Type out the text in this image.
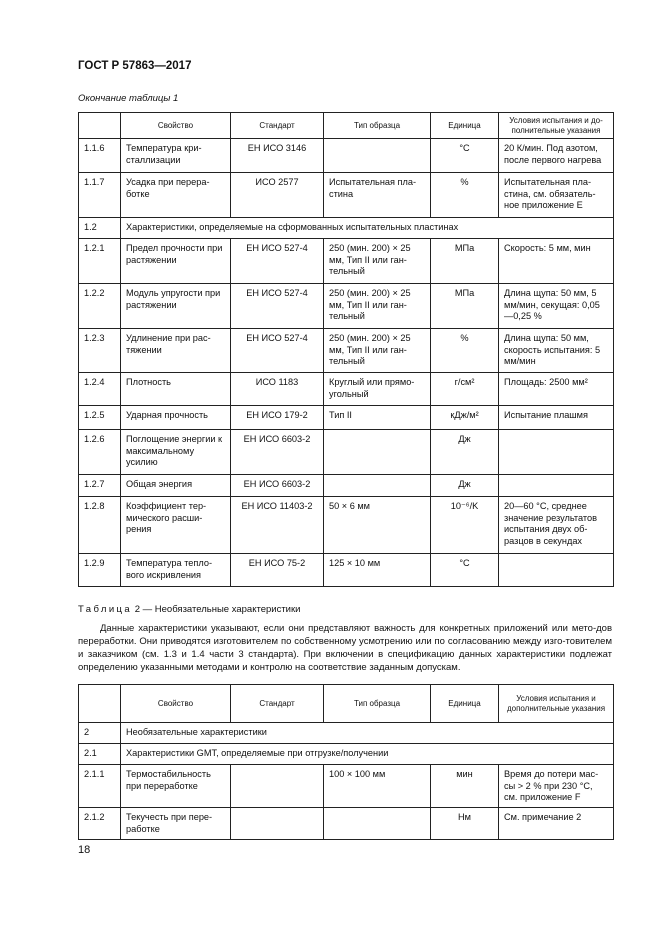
ГОСТ Р 57863—2017
Окончание таблицы 1
	Свойство	Стандарт	Тип образца	Единица	Условия испытания и до-полнительные указания
1.1.6	Температура кри-сталлизации	ЕН ИСО 3146		°C	20 К/мин. Под азотом, после первого нагрева
1.1.7	Усадка при перера-ботке	ИСО 2577	Испытательная пла-стина	%	Испытательная пла-стина, см. обязатель-ное приложение E
1.2	Характеристики, определяемые на сформованных испытательных пластинах				
1.2.1	Предел прочности при растяжении	ЕН ИСО 527-4	250 (мин. 200) × 25 мм, Тип II или ган-тельный	МПа	Скорость: 5 мм, мин
1.2.2	Модуль упругости при растяжении	ЕН ИСО 527-4	250 (мин. 200) × 25 мм, Тип II или ган-тельный	МПа	Длина щупа: 50 мм, 5 мм/мин, секущая: 0,05—0,25 %
1.2.3	Удлинение при рас-тяжении	ЕН ИСО 527-4	250 (мин. 200) × 25 мм, Тип II или ган-тельный	%	Длина щупа: 50 мм, скорость испытания: 5 мм/мин
1.2.4	Плотность	ИСО 1183	Круглый или прямо-угольный	г/см²	Площадь: 2500 мм²
1.2.5	Ударная прочность	ЕН ИСО 179-2	Тип II	кДж/м²	Испытание плашмя
1.2.6	Поглощение энергии к максимальному усилию	ЕН ИСО 6603-2		Дж	
1.2.7	Общая энергия	ЕН ИСО 6603-2		Дж	
1.2.8	Коэффициент тер-мического расши-рения	ЕН ИСО 11403-2	50 × 6 мм	10⁻⁶/K	20—60 °C, среднее значение результатов испытания двух об-разцов в секундах
1.2.9	Температура тепло-вого искривления	ЕН ИСО 75-2	125 × 10 мм	°C	
Таблица 2 — Необязательные характеристики

Данные характеристики указывают, если они представляют важность для конкретных приложений или мето-дов переработки. Они приводятся изготовителем по собственному усмотрению или по согласованию между изго-товителем и заказчиком (см. 1.3 и 1.4 части 3 стандарта). При включении в спецификацию данных характеристики подлежат определению указанными методами и контролю на соответствие заданным допускам.

	Свойство	Стандарт	Тип образца	Единица	Условия испытания и дополнительные указания
2	Необязательные характеристики				
2.1	Характеристики GMT, определяемые при отгрузке/получении				
2.1.1	Термостабильность при переработке		100 × 100 мм	мин	Время до потери мас-сы > 2 % при 230 °C, см. приложение F
2.1.2	Текучесть при пере-работке			Нм	См. примечание 2
18
